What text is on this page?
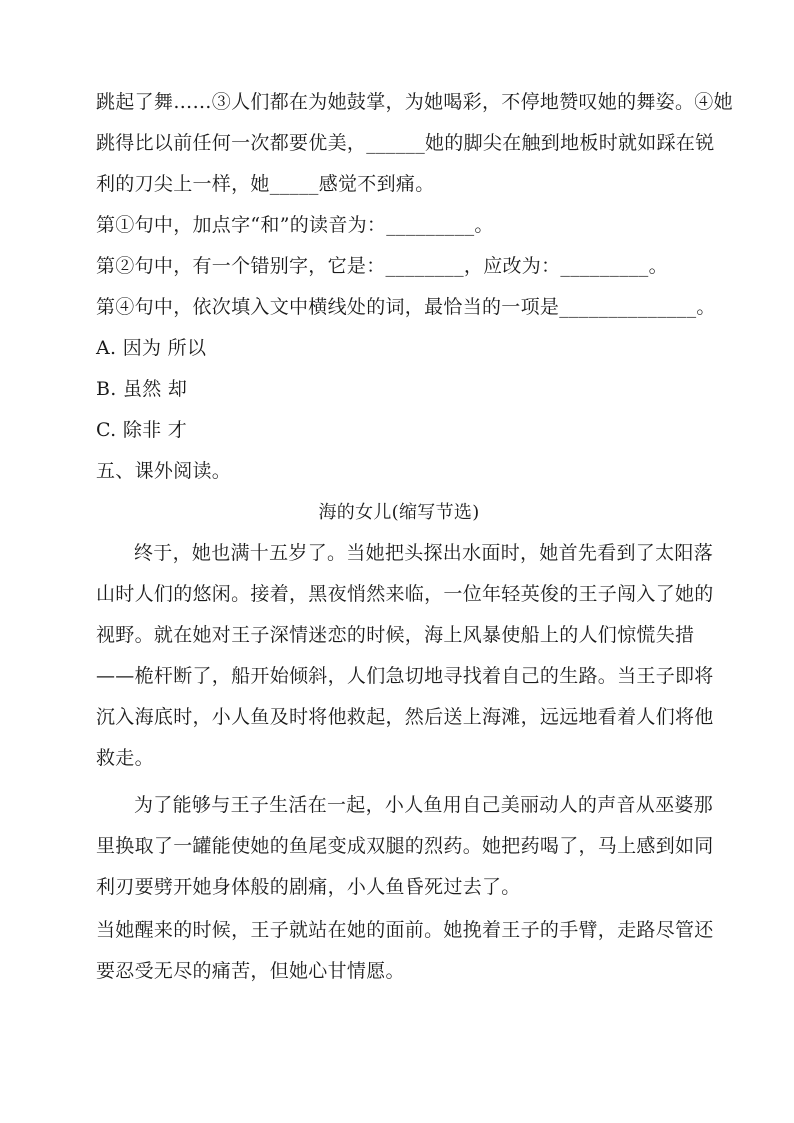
跳起了舞……③人们都在为她鼓掌，为她喝彩，不停地赞叹她的舞姿。④她
跳得比以前任何一次都要优美，______她的脚尖在触到地板时就如踩在锐
利的刀尖上一样，她_____感觉不到痛。
第①句中，加点字“和”的读音为：_________。
第②句中，有一个错别字，它是：________，应改为：_________。
第④句中，依次填入文中横线处的词，最恰当的一项是______________。
A. 因为 所以
B. 虽然 却
C. 除非 才
五、课外阅读。
海的女儿(缩写节选)
终于，她也满十五岁了。当她把头探出水面时，她首先看到了太阳落
山时人们的悠闲。接着，黑夜悄然来临，一位年轻英俊的王子闯入了她的
视野。就在她对王子深情迷恋的时候，海上风暴使船上的人们惊慌失措
——桅杆断了，船开始倾斜，人们急切地寻找着自己的生路。当王子即将
沉入海底时，小人鱼及时将他救起，然后送上海滩，远远地看着人们将他
救走。
为了能够与王子生活在一起，小人鱼用自己美丽动人的声音从巫婆那
里换取了一罐能使她的鱼尾变成双腿的烈药。她把药喝了，马上感到如同
利刃要劈开她身体般的剧痛，小人鱼昏死过去了。
当她醒来的时候，王子就站在她的面前。她挽着王子的手臂，走路尽管还
要忍受无尽的痛苦，但她心甘情愿。
